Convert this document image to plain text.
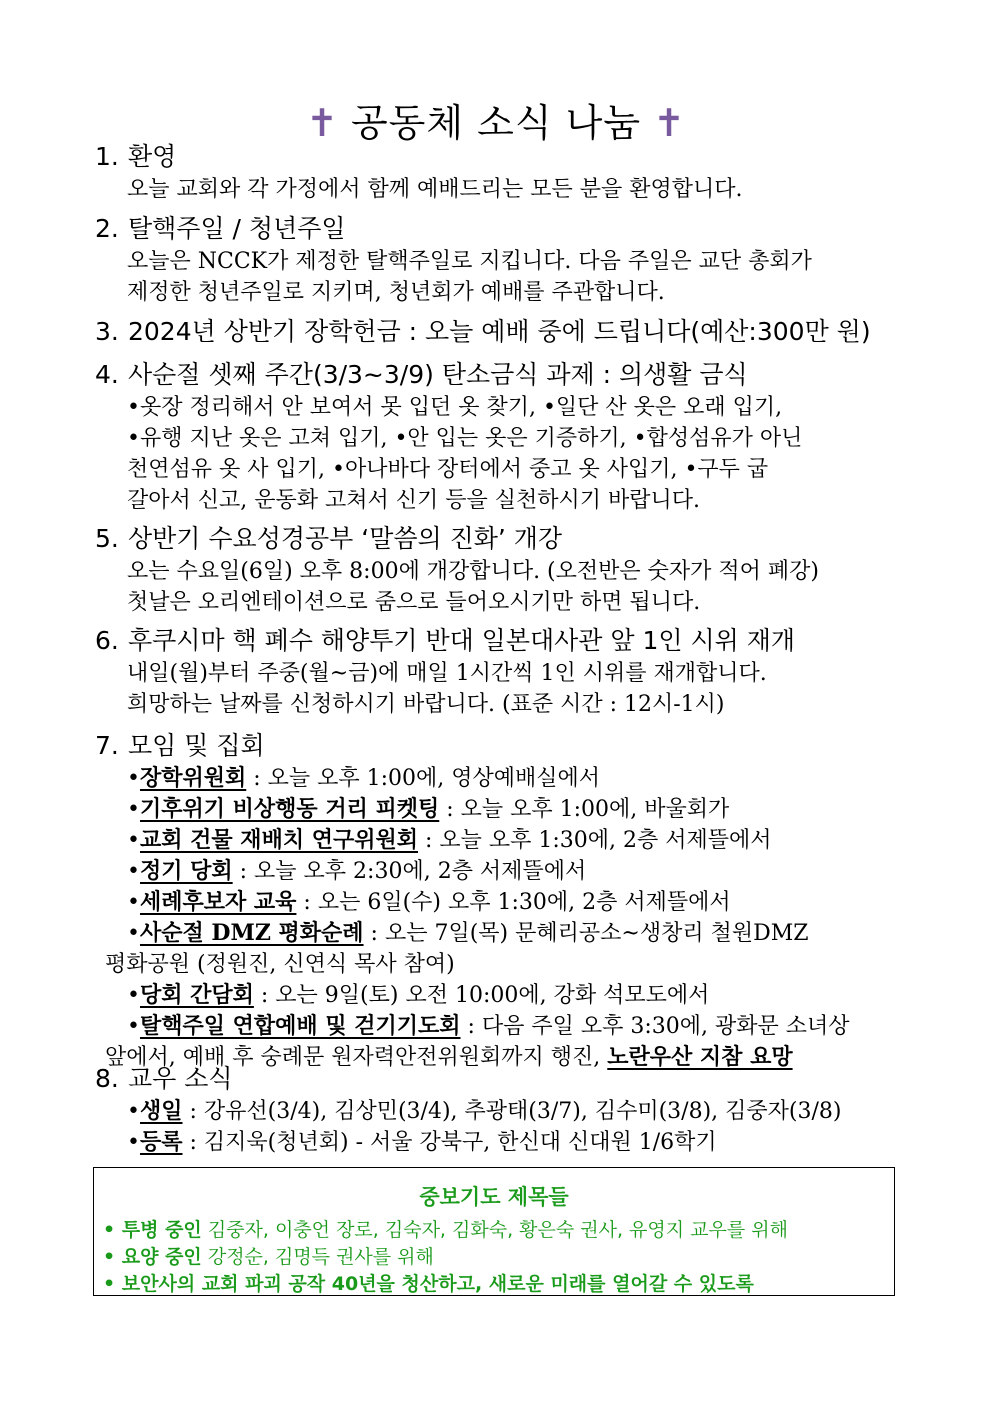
✝ 공동체 소식 나눔 ✝
1. 환영
오늘 교회와 각 가정에서 함께 예배드리는 모든 분을 환영합니다.
2. 탈핵주일 / 청년주일
오늘은 NCCK가 제정한 탈핵주일로 지킵니다. 다음 주일은 교단 총회가
제정한 청년주일로 지키며, 청년회가 예배를 주관합니다.
3. 2024년 상반기 장학헌금 : 오늘 예배 중에 드립니다(예산:300만 원)
4. 사순절 셋째 주간(3/3~3/9) 탄소금식 과제 : 의생활 금식
•옷장 정리해서 안 보여서 못 입던 옷 찾기, •일단 산 옷은 오래 입기,
•유행 지난 옷은 고쳐 입기, •안 입는 옷은 기증하기, •합성섬유가 아닌
천연섬유 옷 사 입기, •아나바다 장터에서 중고 옷 사입기, •구두 굽
갈아서 신고, 운동화 고쳐서 신기 등을 실천하시기 바랍니다.
5. 상반기 수요성경공부 ‘말씀의 진화’ 개강
오는 수요일(6일) 오후 8:00에 개강합니다. (오전반은 숫자가 적어 폐강)
첫날은 오리엔테이션으로 줌으로 들어오시기만 하면 됩니다.
6. 후쿠시마 핵 폐수 해양투기 반대 일본대사관 앞 1인 시위 재개
내일(월)부터 주중(월~금)에 매일 1시간씩 1인 시위를 재개합니다.
희망하는 날짜를 신청하시기 바랍니다. (표준 시간 : 12시-1시)
7. 모임 및 집회
•장학위원회 : 오늘 오후 1:00에, 영상예배실에서
•기후위기 비상행동 거리 피켓팅 : 오늘 오후 1:00에, 바울회가
•교회 건물 재배치 연구위원회 : 오늘 오후 1:30에, 2층 서제뜰에서
•정기 당회 : 오늘 오후 2:30에, 2층 서제뜰에서
•세례후보자 교육 : 오는 6일(수) 오후 1:30에, 2층 서제뜰에서
•사순절 DMZ 평화순례 : 오는 7일(목) 문혜리공소~생창리 철원DMZ
평화공원 (정원진, 신연식 목사 참여)
•당회 간담회 : 오는 9일(토) 오전 10:00에, 강화 석모도에서
•탈핵주일 연합예배 및 걷기기도회 : 다음 주일 오후 3:30에, 광화문 소녀상
앞에서, 예배 후 숭례문 원자력안전위원회까지 행진, 노란우산 지참 요망
8. 교우 소식
•생일 : 강유선(3/4), 김상민(3/4), 추광태(3/7), 김수미(3/8), 김중자(3/8)
•등록 : 김지욱(청년회) - 서울 강북구, 한신대 신대원 1/6학기
중보기도 제목들
• 투병 중인 김중자, 이충언 장로, 김숙자, 김화숙, 황은숙 권사, 유영지 교우를 위해
• 요양 중인 강정순, 김명득 권사를 위해
• 보안사의 교회 파괴 공작 40년을 청산하고, 새로운 미래를 열어갈 수 있도록
